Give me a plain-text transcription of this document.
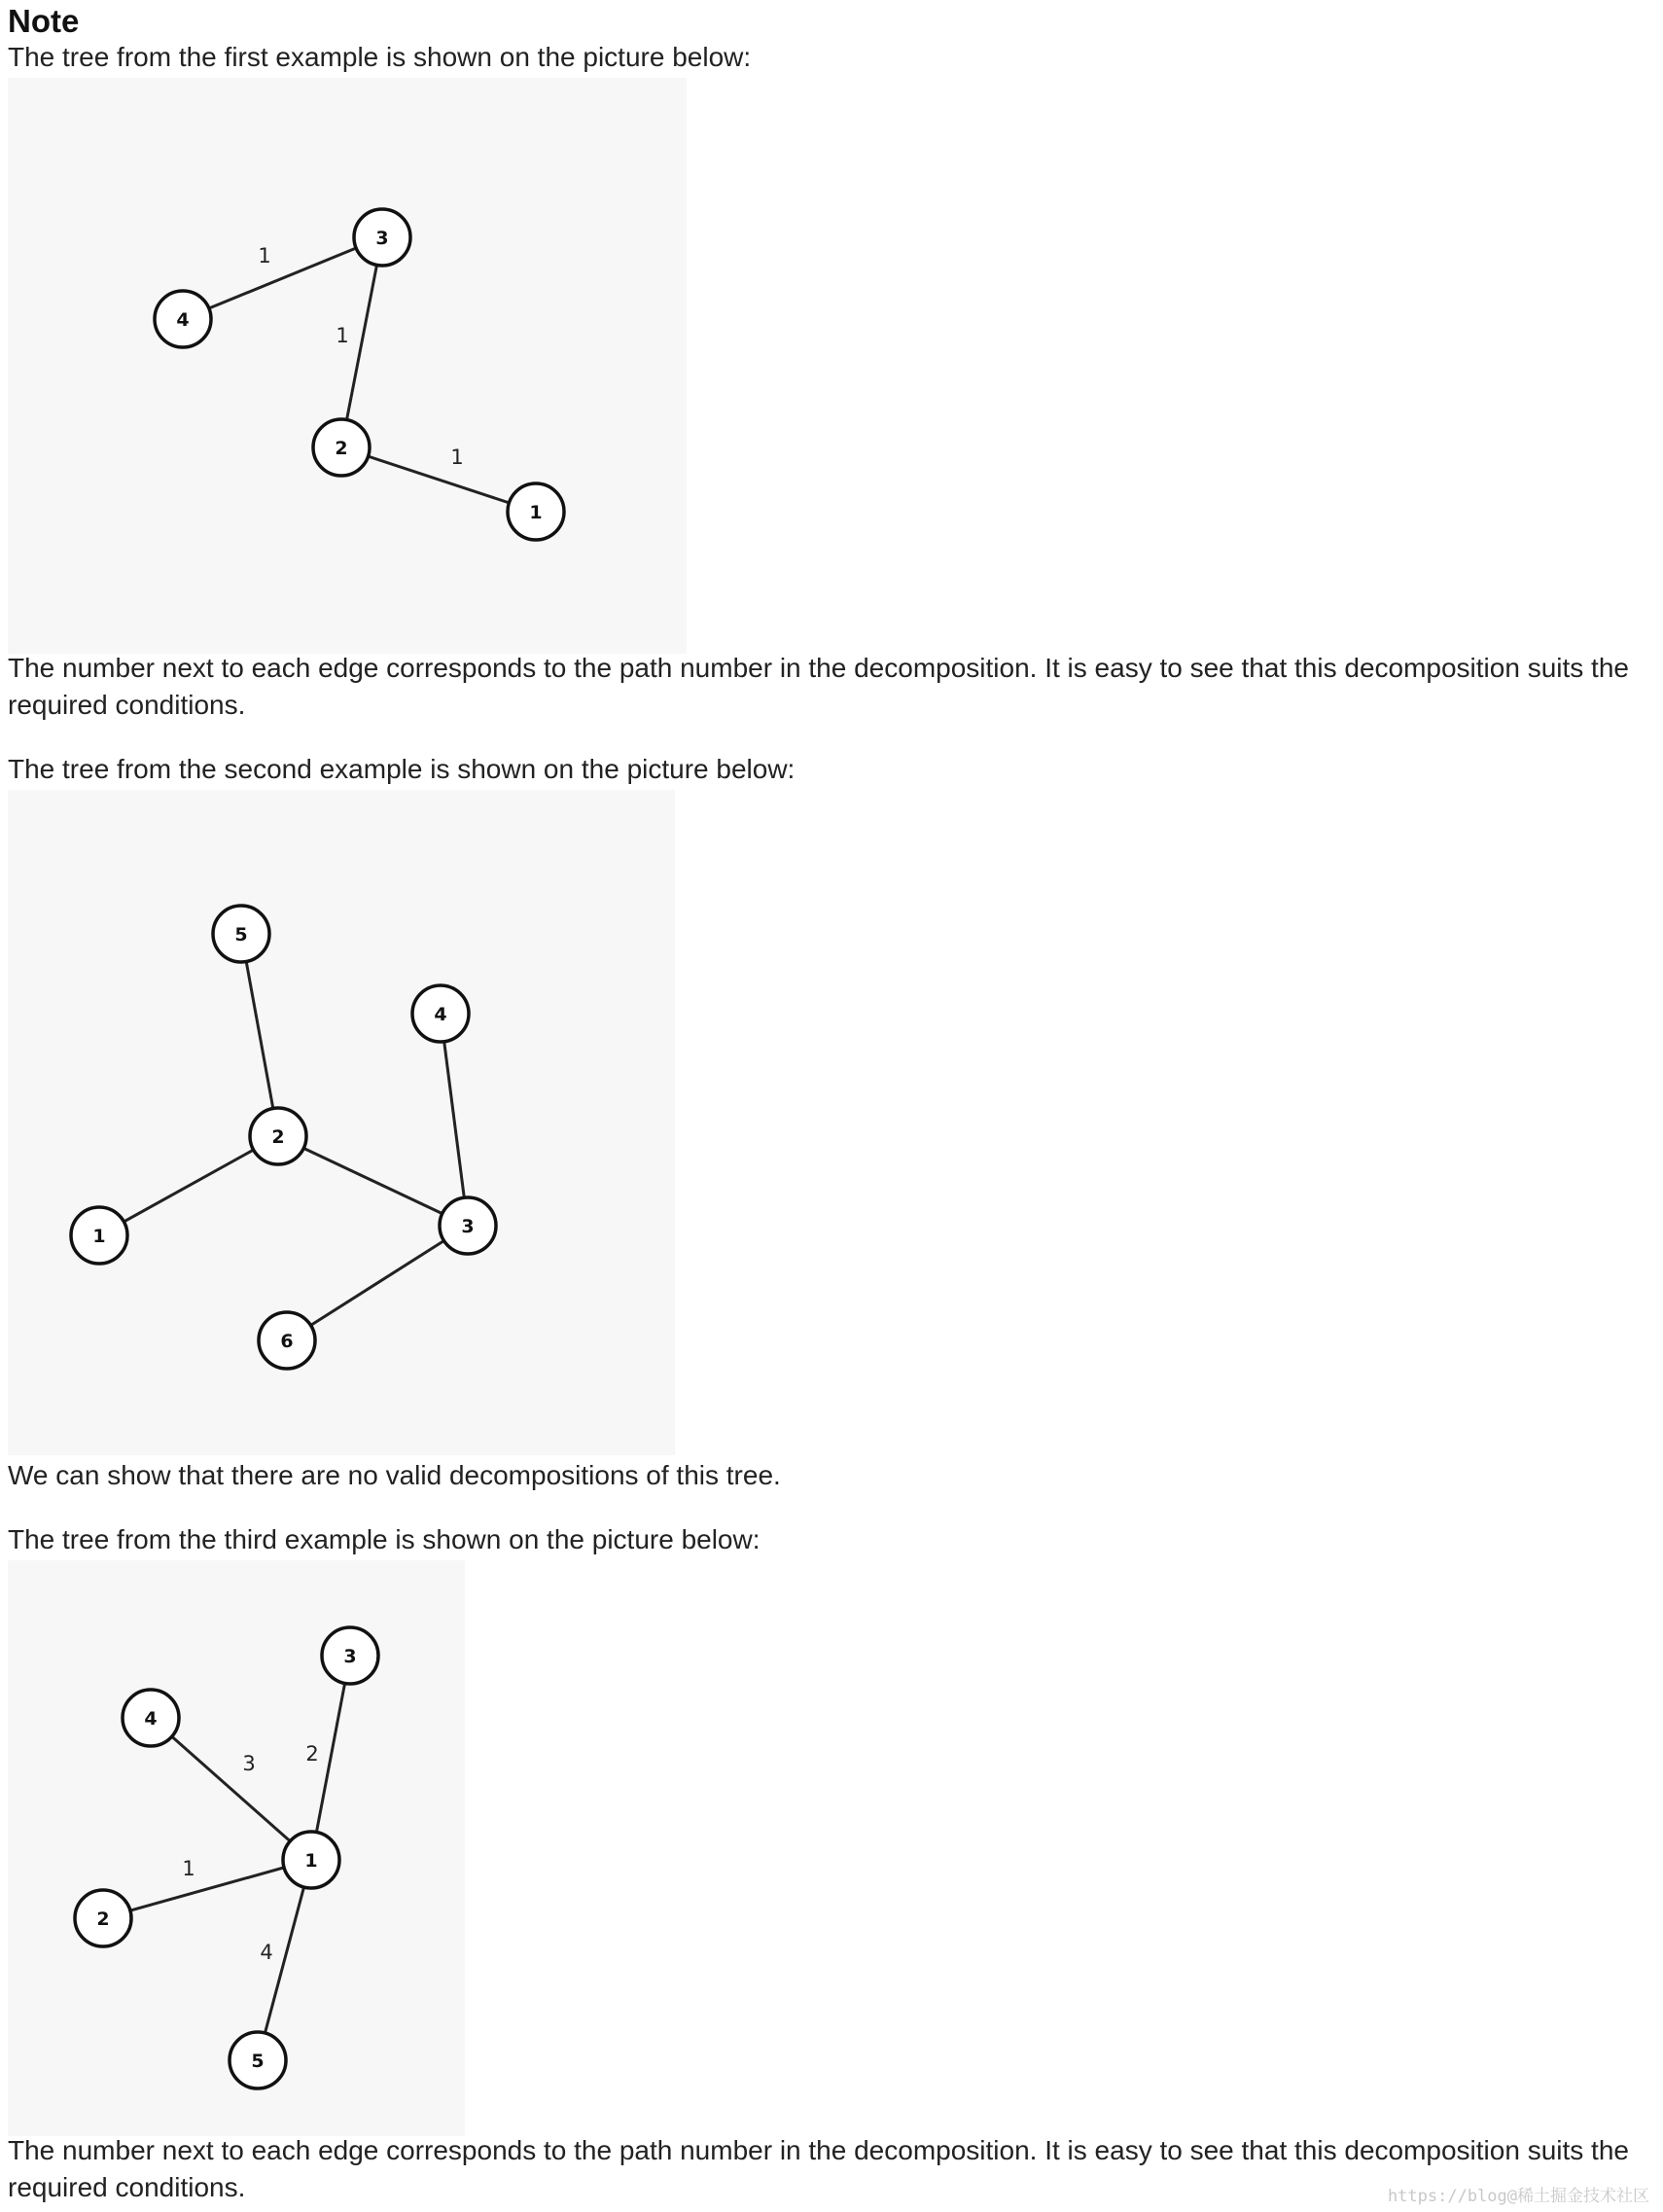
Note

The tree from the first example is shown on the picture below:

1
1
1
3
4
2
1

The number next to each edge corresponds to the path number in the decomposition. It is easy to see that this decomposition suits the required conditions.

The tree from the second example is shown on the picture below:

5
4
2
1	3
6

We can show that there are no valid decompositions of this tree.

The tree from the third example is shown on the picture below:

3 2
1
4
3
4
1
2
5

The number next to each edge corresponds to the path number in the decomposition. It is easy to see that this decomposition suits the required conditions.	https://blog@稀土掘金技术社区
